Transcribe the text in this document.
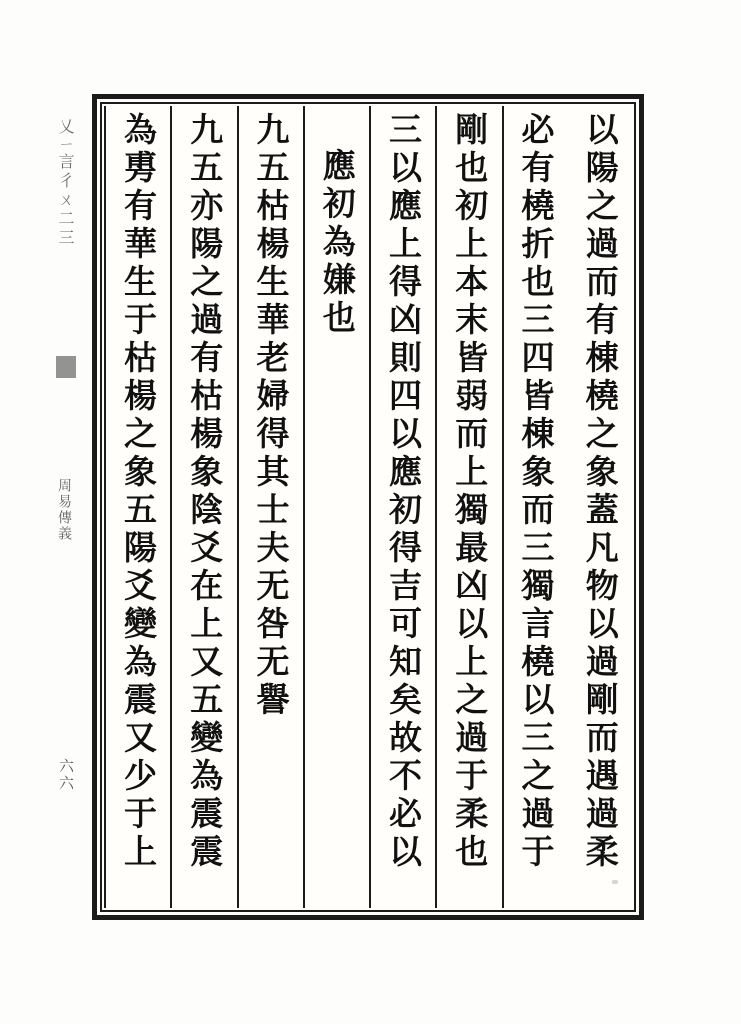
乂ㄧ言彳ㄨ二三
周易傳義
六六	以陽之過而有棟橈之象蓋凡物以過剛而遇過柔
必有橈折也三四皆棟象而三獨言橈以三之過于
剛也初上本末皆弱而上獨最凶以上之過于柔也
三以應上得凶則四以應初得吉可知矣故不必以
應初為嫌也
九五枯楊生華老婦得其士夫无咎无譽
九五亦陽之過有枯楊象陰爻在上又五變為震震
為旉有華生于枯楊之象五陽爻變為震又少于上
